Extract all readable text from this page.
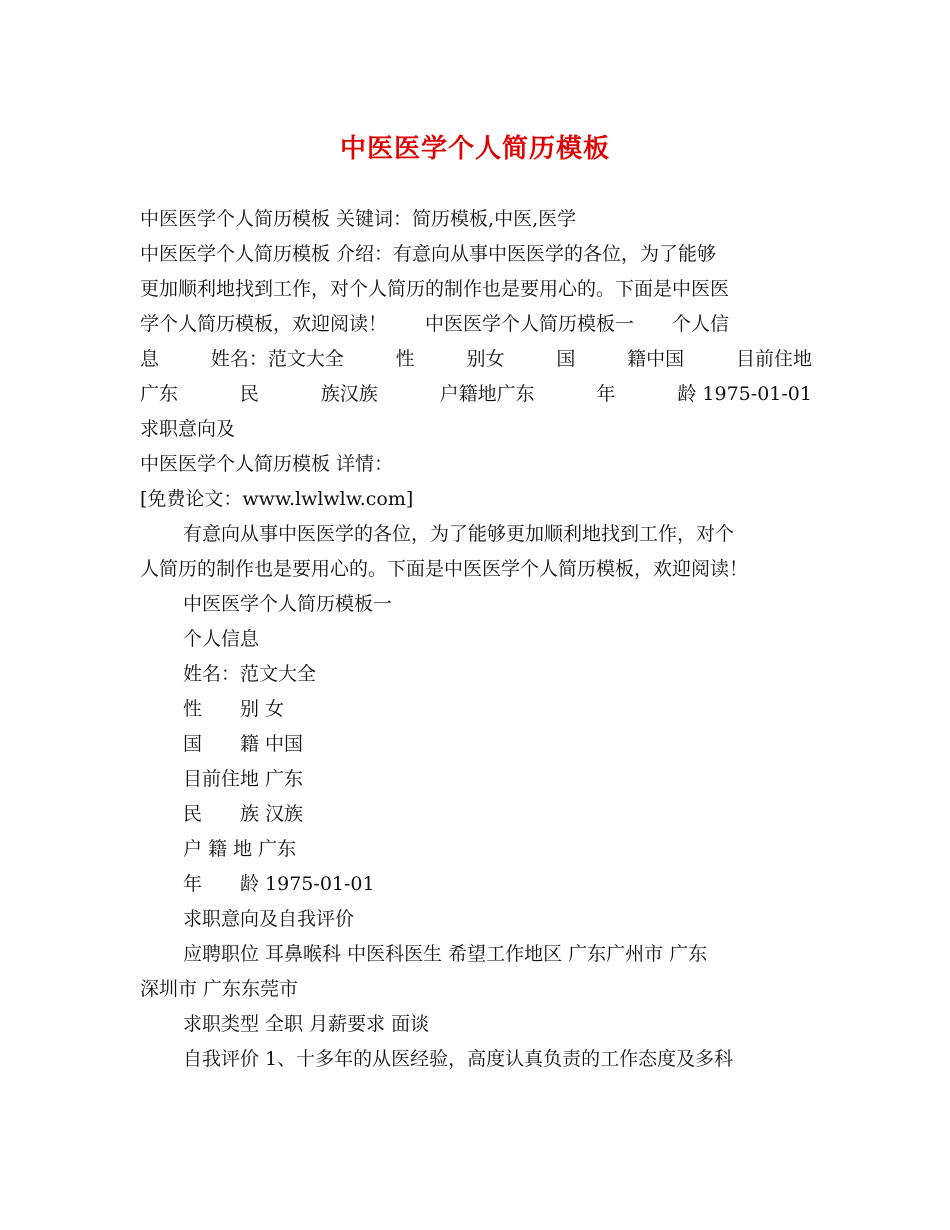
中医医学个人简历模板
中医医学个人简历模板 关键词：简历模板,中医,医学
中医医学个人简历模板 介绍：有意向从事中医医学的各位，为了能够
更加顺利地找到工作，对个人简历的制作也是要用心的。下面是中医医
学个人简历模板，欢迎阅读！　　中医医学个人简历模板一　　个人信
息	姓名：范文大全	性	别女	国	籍中国	目前住地
广东	民	族汉族	户籍地广东	年	龄 1975-01-01
求职意向及
中医医学个人简历模板 详情：
[免费论文：www.lwlwlw.com]
有意向从事中医医学的各位，为了能够更加顺利地找到工作，对个
人简历的制作也是要用心的。下面是中医医学个人简历模板，欢迎阅读！
中医医学个人简历模板一
个人信息
姓名：范文大全
性　　别 女
国　　籍 中国
目前住地 广东
民　　族 汉族
户 籍 地 广东
年　　龄 1975-01-01
求职意向及自我评价
应聘职位 耳鼻喉科 中医科医生 希望工作地区 广东广州市 广东
深圳市 广东东莞市
求职类型 全职 月薪要求 面谈
自我评价 1、十多年的从医经验，高度认真负责的工作态度及多科
